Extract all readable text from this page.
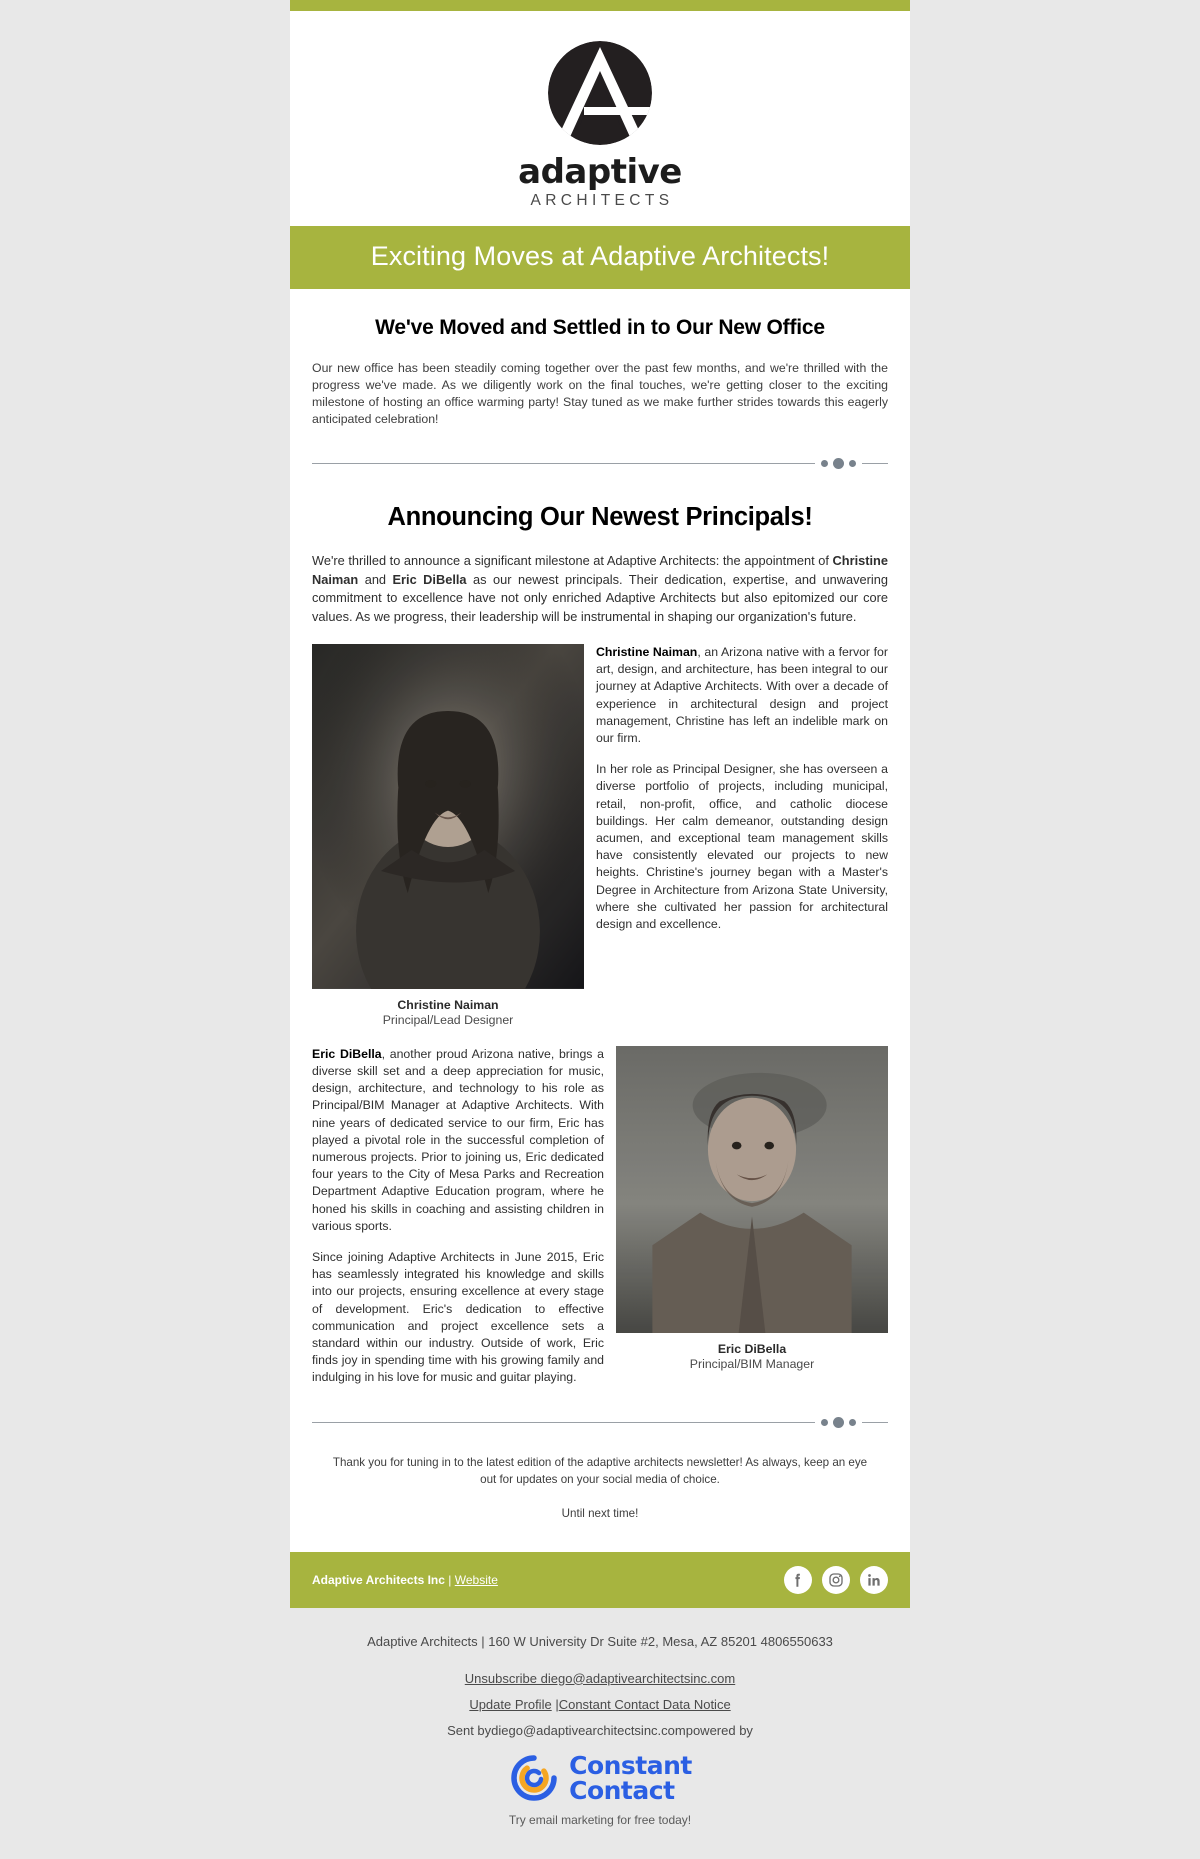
adaptive
ARCHITECTS
Exciting Moves at Adaptive Architects!
We've Moved and Settled in to Our New Office

Our new office has been steadily coming together over the past few months, and we're thrilled with the progress we've made. As we diligently work on the final touches, we're getting closer to the exciting milestone of hosting an office warming party! Stay tuned as we make further strides towards this eagerly anticipated celebration!

Announcing Our Newest Principals!

We're thrilled to announce a significant milestone at Adaptive Architects: the appointment of Christine Naiman and Eric DiBella as our newest principals. Their dedication, expertise, and unwavering commitment to excellence have not only enriched Adaptive Architects but also epitomized our core values. As we progress, their leadership will be instrumental in shaping our organization's future.

Christine Naiman
Principal/Lead Designer

Christine Naiman, an Arizona native with a fervor for art, design, and architecture, has been integral to our journey at Adaptive Architects. With over a decade of experience in architectural design and project management, Christine has left an indelible mark on our firm.

In her role as Principal Designer, she has overseen a diverse portfolio of projects, including municipal, retail, non-profit, office, and catholic diocese buildings. Her calm demeanor, outstanding design acumen, and exceptional team management skills have consistently elevated our projects to new heights. Christine's journey began with a Master's Degree in Architecture from Arizona State University, where she cultivated her passion for architectural design and excellence.

Eric DiBella, another proud Arizona native, brings a diverse skill set and a deep appreciation for music, design, architecture, and technology to his role as Principal/BIM Manager at Adaptive Architects. With nine years of dedicated service to our firm, Eric has played a pivotal role in the successful completion of numerous projects. Prior to joining us, Eric dedicated four years to the City of Mesa Parks and Recreation Department Adaptive Education program, where he honed his skills in coaching and assisting children in various sports.

Since joining Adaptive Architects in June 2015, Eric has seamlessly integrated his knowledge and skills into our projects, ensuring excellence at every stage of development. Eric's dedication to effective communication and project excellence sets a standard within our industry. Outside of work, Eric finds joy in spending time with his growing family and indulging in his love for music and guitar playing.

Eric DiBella
Principal/BIM Manager

Thank you for tuning in to the latest edition of the adaptive architects newsletter! As always, keep an eye out for updates on your social media of choice.

Until next time!

Adaptive Architects Inc | Website
Adaptive Architects | 160 W University Dr Suite #2, Mesa, AZ 85201 4806550633
Unsubscribe diego@adaptivearchitectsinc.com
Update Profile |Constant Contact Data Notice
Sent bydiego@adaptivearchitectsinc.compowered by
Constant
Contact
Try email marketing for free today!
